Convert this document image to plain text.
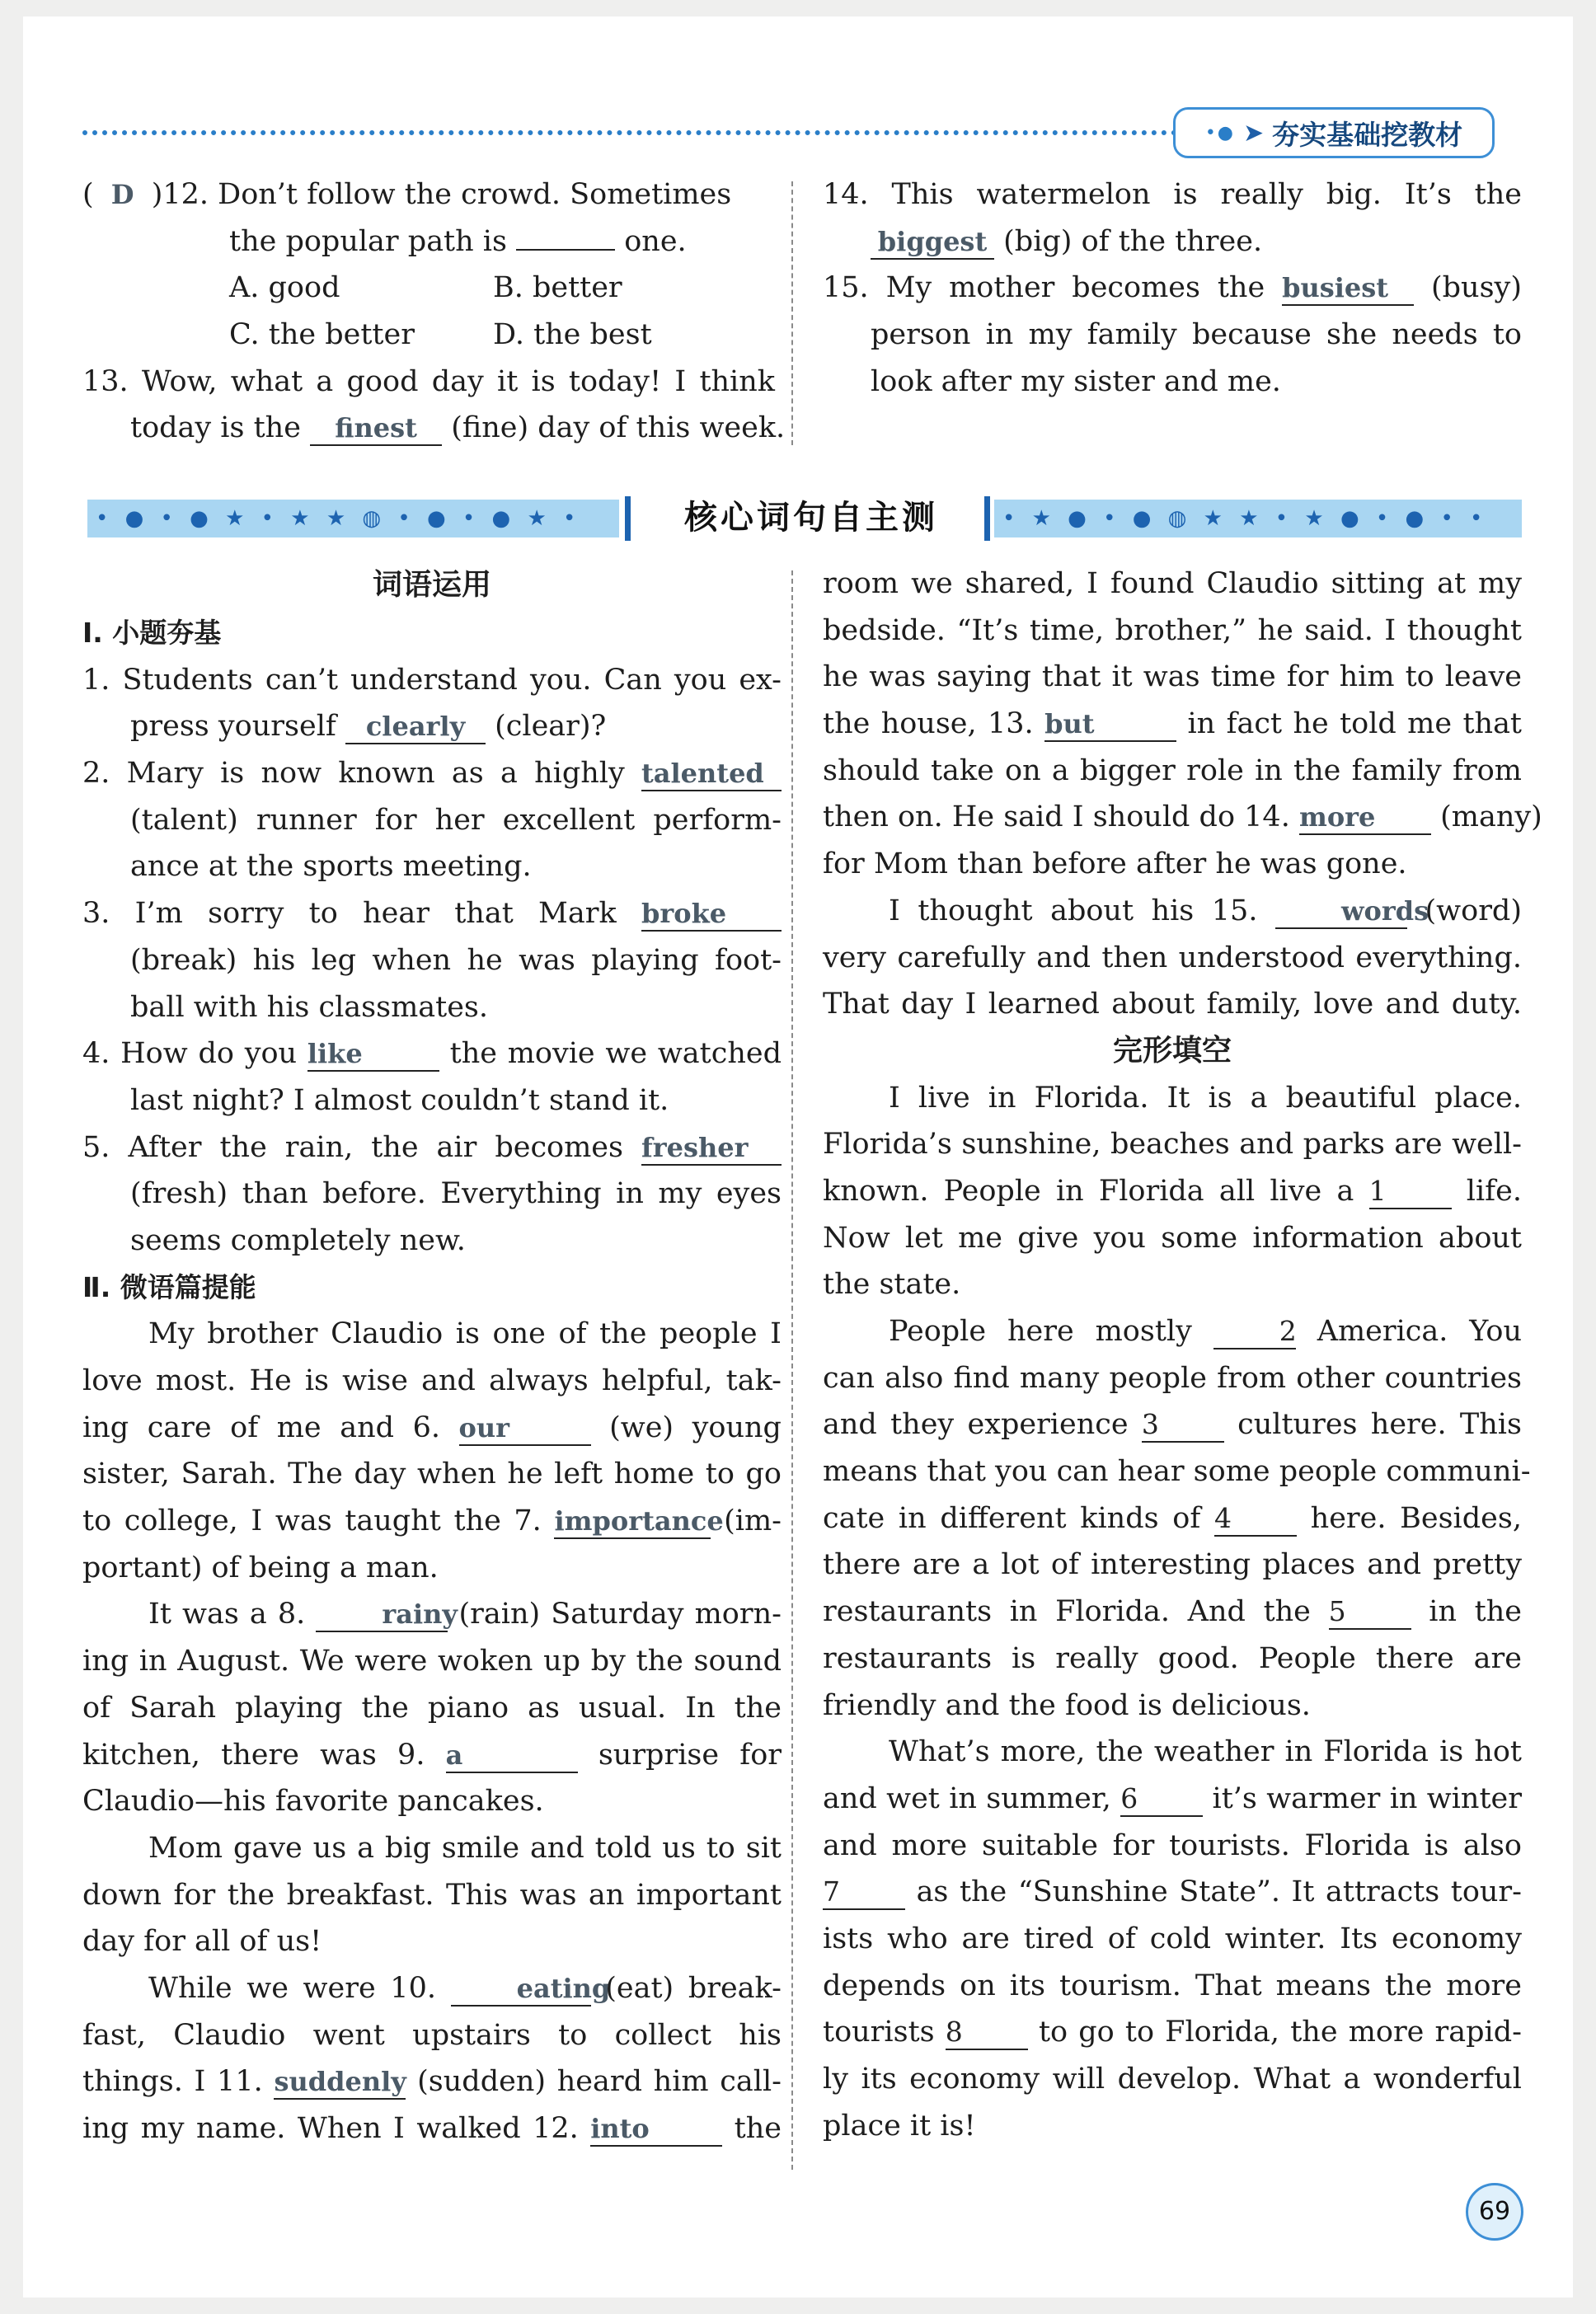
•● ➤ 夯实基础挖教材
( D )12. Don’t follow the crowd. Sometimes
the popular path is	one.
A. good	B. better
C. the better	D. the best
13. Wow, what a good day it is today! I think
today is the finest (fine) day of this week.
14. This watermelon is really big. It’s the
biggest (big) of the three.
15. My mother becomes the busiest (busy)
person in my family because she needs to
look after my sister and me.
• ● • ● ★ • ★ ★ ◍ • ● • ● ★ •	核心词句自主测	• ★ ● • ● ◍ ★ ★ • ★ ● • ● • •
词语运用
Ⅰ. 小题夯基
1. Students can’t understand you. Can you ex-
press yourself clearly (clear)?
2. Mary is now known as a highly talented
(talent) runner for her excellent perform-
ance at the sports meeting.
3. I’m sorry to hear that Mark broke
(break) his leg when he was playing foot-
ball with his classmates.
4. How do you like	the movie we watched
last night? I almost couldn’t stand it.
5. After the rain, the air becomes fresher
(fresh) than before. Everything in my eyes
seems completely new.
Ⅱ. 微语篇提能
My brother Claudio is one of the people I
love most. He is wise and always helpful, tak-
ing care of me and 6. our	(we) young
sister, Sarah. The day when he left home to go
to college, I was taught the 7. importance (im-
portant) of being a man.
It was a 8.	rainy (rain) Saturday morn-
ing in August. We were woken up by the sound
of Sarah playing the piano as usual. In the
kitchen, there was 9. a	surprise for
Claudio—his favorite pancakes.
Mom gave us a big smile and told us to sit
down for the breakfast. This was an important
day for all of us!
While we were 10.	eating (eat) break-
fast, Claudio went upstairs to collect his
things. I 11. suddenly (sudden) heard him call-
ing my name. When I walked 12. into	the
room we shared, I found Claudio sitting at my
bedside. “It’s time, brother,” he said. I thought
he was saying that it was time for him to leave
the house, 13. but	in fact he told me that
should take on a bigger role in the family from
then on. He said I should do 14. more (many)
for Mom than before after he was gone.
I thought about his 15.	words (word)
very carefully and then understood everything.
That day I learned about family, love and duty.
完形填空
I live in Florida. It is a beautiful place.
Florida’s sunshine, beaches and parks are well-
known. People in Florida all live a 1	life.
Now let me give you some information about
the state.
People here mostly	2 America. You
can also find many people from other countries
and they experience 3	cultures here. This
means that you can hear some people communi-
cate in different kinds of 4	here. Besides,
there are a lot of interesting places and pretty
restaurants in Florida. And the 5	in the
restaurants is really good. People there are
friendly and the food is delicious.
What’s more, the weather in Florida is hot
and wet in summer, 6	it’s warmer in winter
and more suitable for tourists. Florida is also
7	as the “Sunshine State”. It attracts tour-
ists who are tired of cold winter. Its economy
depends on its tourism. That means the more
tourists 8	to go to Florida, the more rapid-
ly its economy will develop. What a wonderful
place it is!
69
